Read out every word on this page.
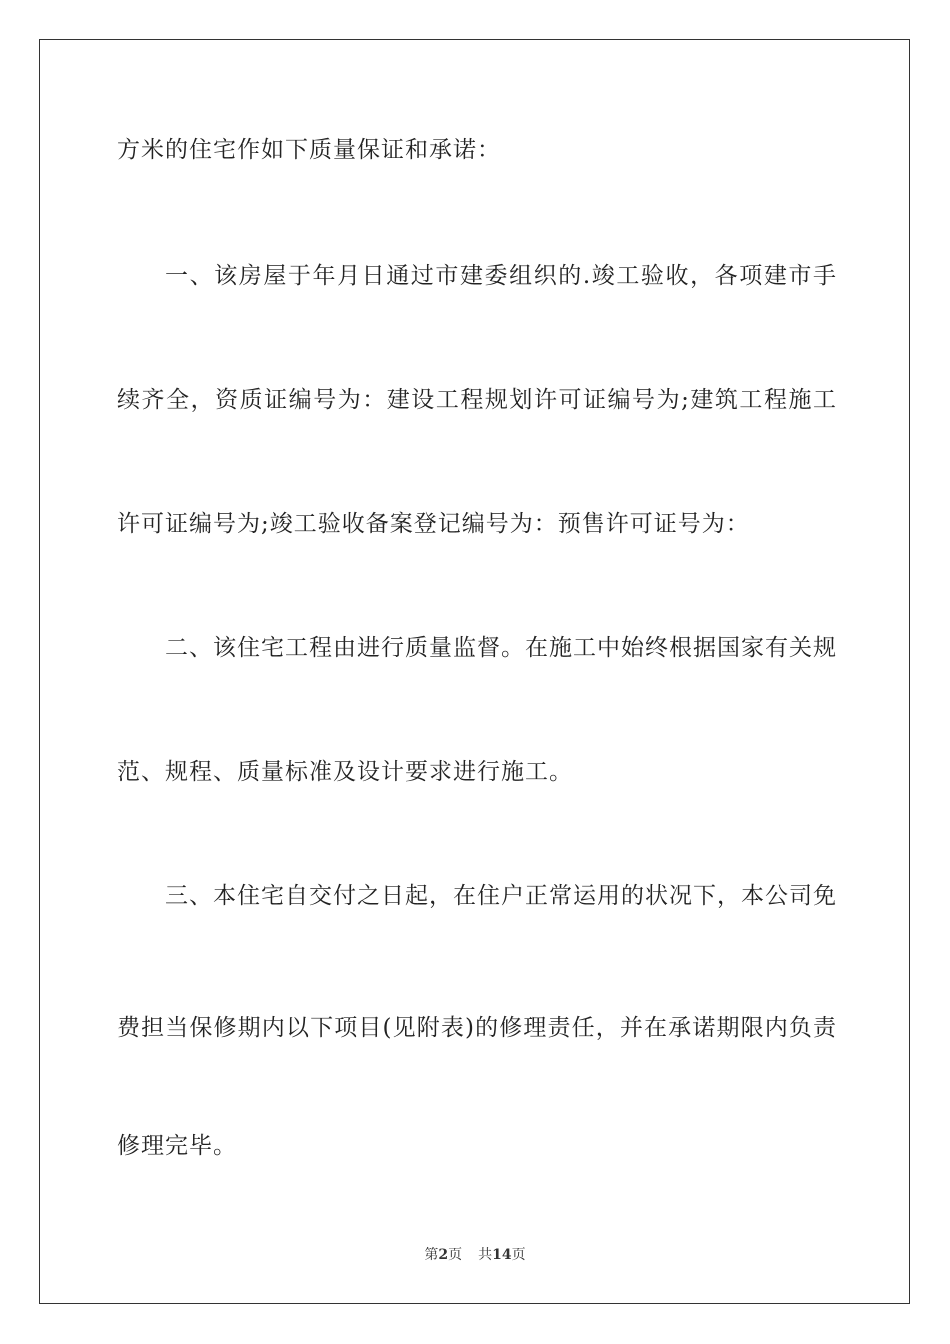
方米的住宅作如下质量保证和承诺：
一、该房屋于年月日通过市建委组织的.竣工验收，各项建市手
续齐全，资质证编号为：建设工程规划许可证编号为;建筑工程施工
许可证编号为;竣工验收备案登记编号为：预售许可证号为：
二、该住宅工程由进行质量监督。在施工中始终根据国家有关规
范、规程、质量标准及设计要求进行施工。
三、本住宅自交付之日起，在住户正常运用的状况下，本公司免
费担当保修期内以下项目(见附表)的修理责任，并在承诺期限内负责
修理完毕。
第2页 共14页
